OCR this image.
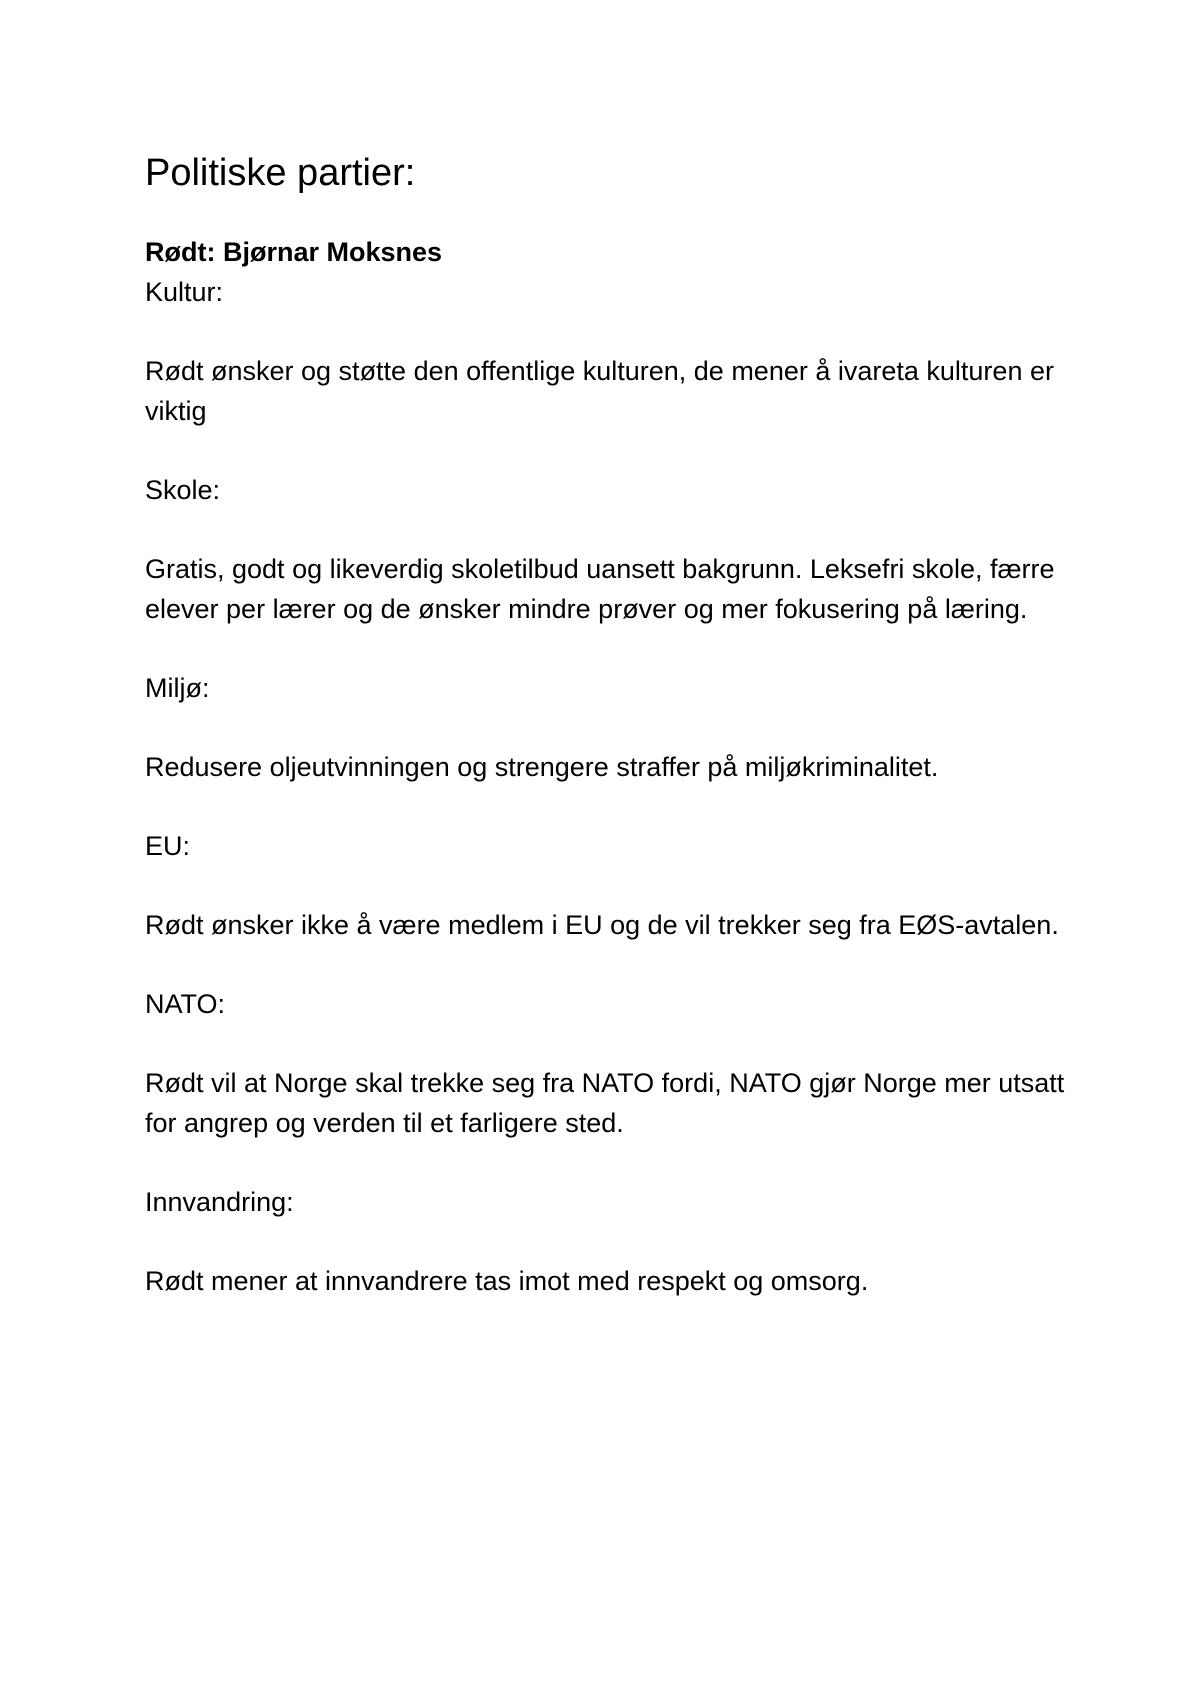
Politiske partier:

Rødt: Bjørnar Moksnes

Kultur:

Rødt ønsker og støtte den offentlige kulturen, de mener å ivareta kulturen er viktig

Skole:

Gratis, godt og likeverdig skoletilbud uansett bakgrunn. Leksefri skole, færre elever per lærer og de ønsker mindre prøver og mer fokusering på læring.

Miljø:

Redusere oljeutvinningen og strengere straffer på miljøkriminalitet.

EU:

Rødt ønsker ikke å være medlem i EU og de vil trekker seg fra EØS-avtalen.

NATO:

Rødt vil at Norge skal trekke seg fra NATO fordi, NATO gjør Norge mer utsatt for angrep og verden til et farligere sted.

Innvandring:

Rødt mener at innvandrere tas imot med respekt og omsorg.
